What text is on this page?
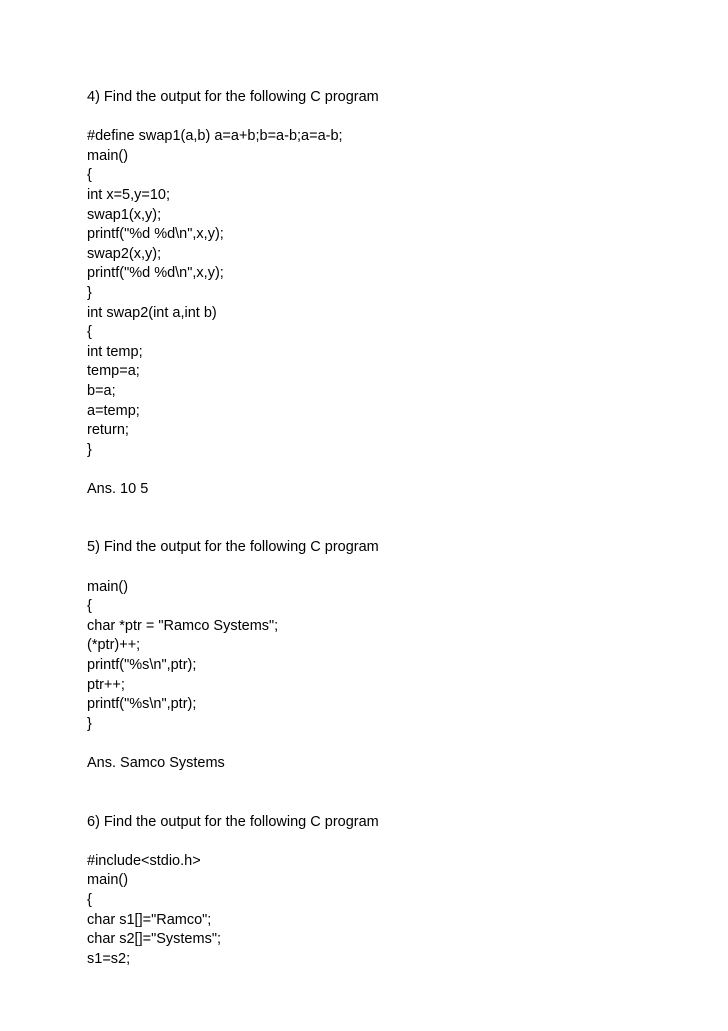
4) Find the output for the following C program
#define swap1(a,b) a=a+b;b=a-b;a=a-b;
main()
{
int x=5,y=10;
swap1(x,y);
printf("%d %d\n",x,y);
swap2(x,y);
printf("%d %d\n",x,y);
}
int swap2(int a,int b)
{
int temp;
temp=a;
b=a;
a=temp;
return;
}
Ans. 10 5
5) Find the output for the following C program
main()
{
char *ptr = "Ramco Systems";
(*ptr)++;
printf("%s\n",ptr);
ptr++;
printf("%s\n",ptr);
}
Ans. Samco Systems
6) Find the output for the following C program
#include<stdio.h>
main()
{
char s1[]="Ramco";
char s2[]="Systems";
s1=s2;
